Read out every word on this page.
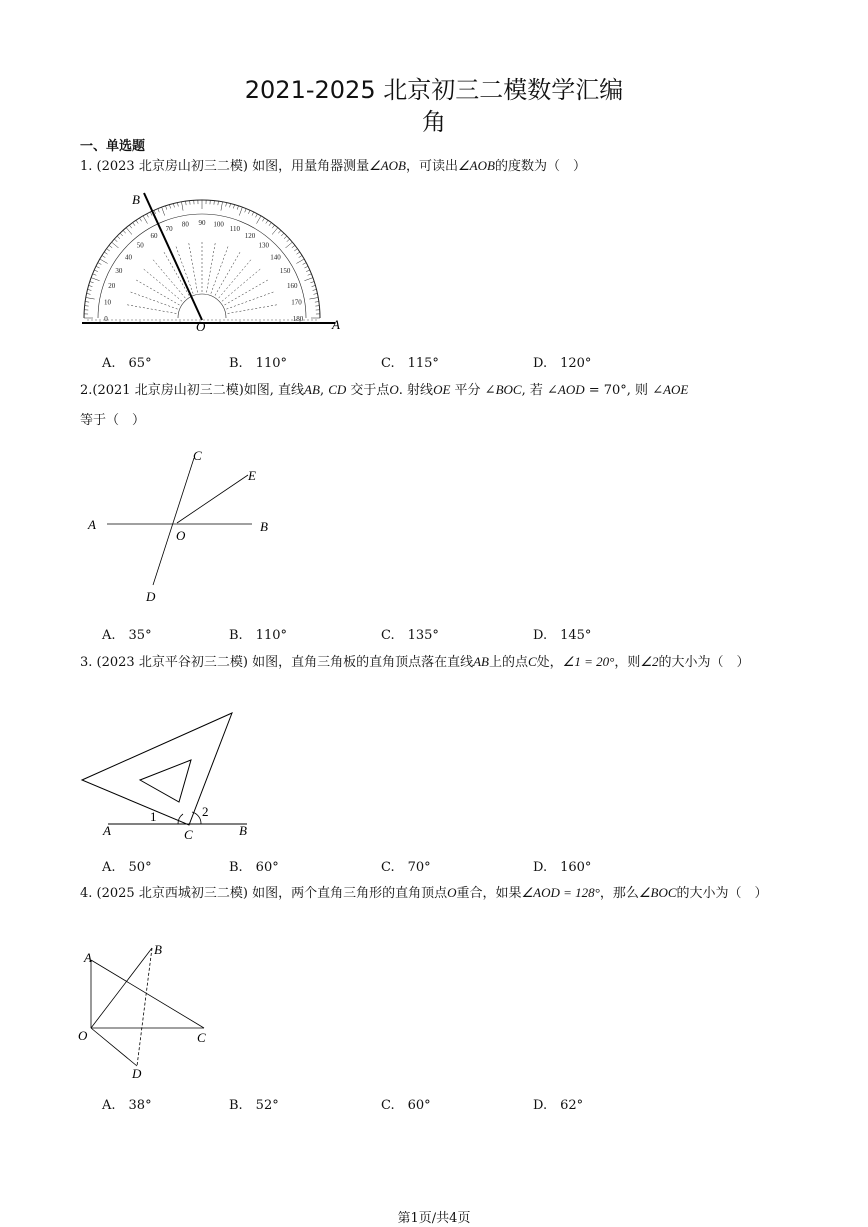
2021-2025 北京初三二模数学汇编
角
一、单选题
1. (2023 北京房山初三二模) 如图，用量角器测量∠AOB，可读出∠AOB的度数为（　）
0
10
20
30
40
50
60
70
80 90 100
110
120
130
140
150
160
170
180 A
B
O
A.　65°	B.　110°	C.　115°	D.　120°
2.(2021 北京房山初三二模)如图, 直线AB, CD 交于点O. 射线OE 平分 ∠BOC, 若 ∠AOD = 70°, 则 ∠AOE
等于（　）
C
E
A	B
O
D
A.　35°	B.　110°	C.　135°	D.　145°
3. (2023 北京平谷初三二模) 如图，直角三角板的直角顶点落在直线AB上的点C处，∠1 = 20°，则∠2的大小为（　）
1	2
A	C	B
A.　50°	B.　60°	C.　70°	D.　160°
4. (2025 北京西城初三二模) 如图，两个直角三角形的直角顶点O重合，如果∠AOD = 128°，那么∠BOC的大小为（　）
A
B
O	C
D
A.　38°	B.　52°	C.　60°	D.　62°
第1页/共4页
